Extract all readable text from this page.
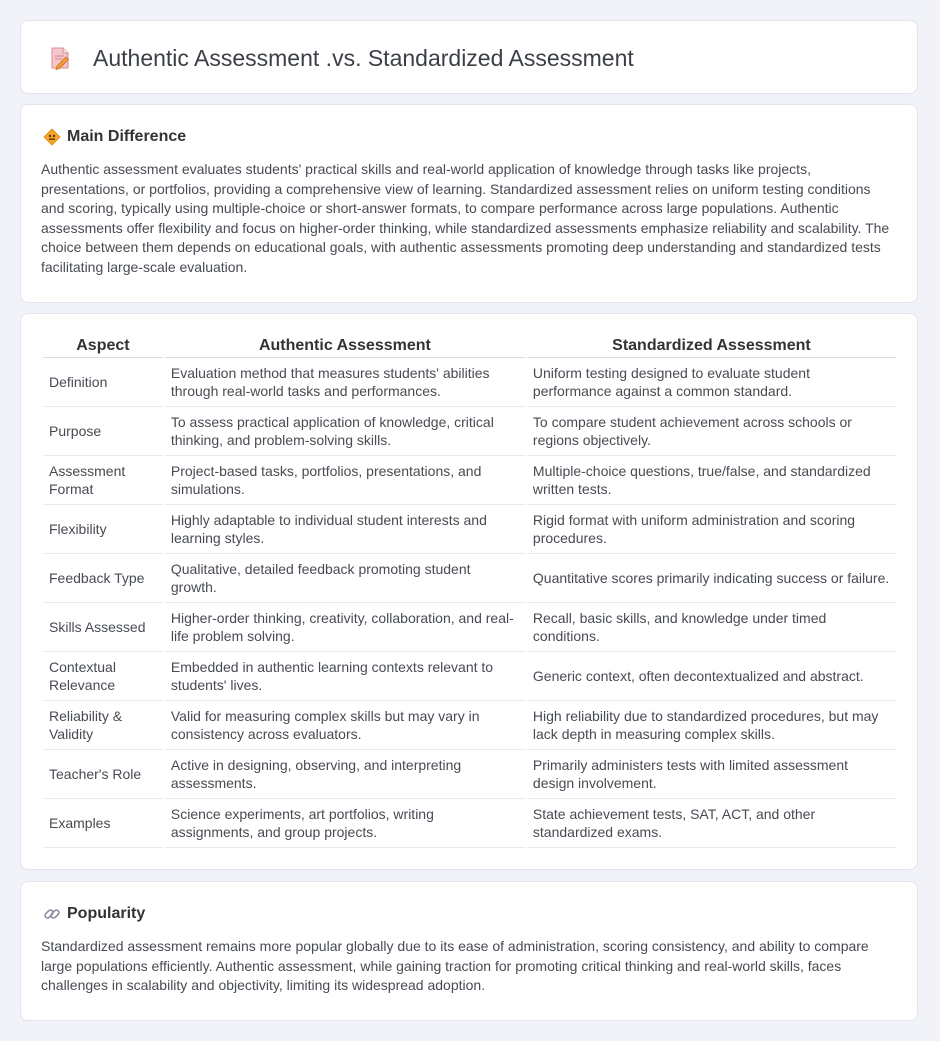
Authentic Assessment .vs. Standardized Assessment
Main Difference
Authentic assessment evaluates students' practical skills and real-world application of knowledge through tasks like projects, presentations, or portfolios, providing a comprehensive view of learning. Standardized assessment relies on uniform testing conditions and scoring, typically using multiple-choice or short-answer formats, to compare performance across large populations. Authentic assessments offer flexibility and focus on higher-order thinking, while standardized assessments emphasize reliability and scalability. The choice between them depends on educational goals, with authentic assessments promoting deep understanding and standardized tests facilitating large-scale evaluation.
Aspect	Authentic Assessment	Standardized Assessment
Definition	Evaluation method that measures students' abilities through real-world tasks and performances.	Uniform testing designed to evaluate student performance against a common standard.
Purpose	To assess practical application of knowledge, critical thinking, and problem-solving skills.	To compare student achievement across schools or regions objectively.
Assessment Format	Project-based tasks, portfolios, presentations, and simulations.	Multiple-choice questions, true/false, and standardized written tests.
Flexibility	Highly adaptable to individual student interests and learning styles.	Rigid format with uniform administration and scoring procedures.
Feedback Type	Qualitative, detailed feedback promoting student growth.	Quantitative scores primarily indicating success or failure.
Skills Assessed	Higher-order thinking, creativity, collaboration, and real-life problem solving.	Recall, basic skills, and knowledge under timed conditions.
Contextual Relevance	Embedded in authentic learning contexts relevant to students' lives.	Generic context, often decontextualized and abstract.
Reliability & Validity	Valid for measuring complex skills but may vary in consistency across evaluators.	High reliability due to standardized procedures, but may lack depth in measuring complex skills.
Teacher's Role	Active in designing, observing, and interpreting assessments.	Primarily administers tests with limited assessment design involvement.
Examples	Science experiments, art portfolios, writing assignments, and group projects.	State achievement tests, SAT, ACT, and other standardized exams.
Popularity
Standardized assessment remains more popular globally due to its ease of administration, scoring consistency, and ability to compare large populations efficiently. Authentic assessment, while gaining traction for promoting critical thinking and real-world skills, faces challenges in scalability and objectivity, limiting its widespread adoption.
